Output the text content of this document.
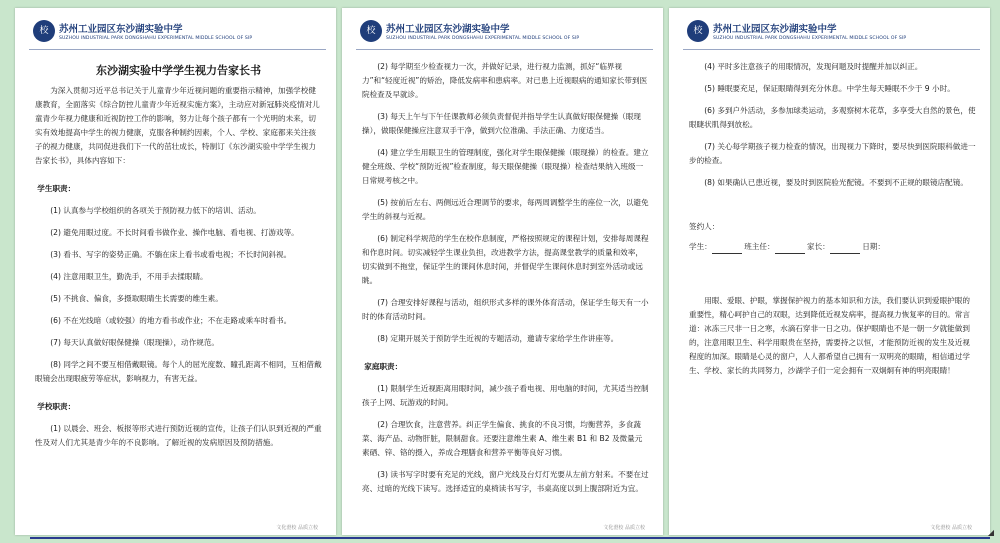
校	苏州工业园区东沙湖实验中学
SUZHOU INDUSTRIAL PARK DONGSHAHU EXPERIMENTAL MIDDLE SCHOOL OF SIP
东沙湖实验中学学生视力告家长书

为深入贯彻习近平总书记关于儿童青少年近视问题的重要指示精神，加强学校健康教育，全面落实《综合防控儿童青少年近视实施方案》，主动应对新冠肺炎疫情对儿童青少年视力健康和近视防控工作的影响，努力让每个孩子都有一个光明的未来，切实有效地提高中学生的视力健康，克服各种制约因素，个人、学校、家庭都来关注孩子的视力健康，共同促进我们下一代的茁壮成长，特制订《东沙湖实验中学学生视力告家长书》，具体内容如下：

学生职责：

(1) 认真参与学校组织的各项关于预防视力低下的培训、活动。

(2) 避免用眼过度。不长时间看书做作业、操作电脑、看电视、打游戏等。

(3) 看书、写字的姿势正确。不躺在床上看书或看电视；不长时间斜视。

(4) 注意用眼卫生，勤洗手，不用手去揉眼睛。

(5) 不挑食、偏食，多摄取眼睛生长需要的维生素。

(6) 不在光线暗（或较强）的地方看书或作业；不在走路或乘车时看书。

(7) 每天认真做好眼保健操（眼现操），动作规范。

(8) 同学之间不要互相借戴眼镜。每个人的屈光度数、瞳孔距离不相同，互相借戴眼镜会出现眼疲劳等症状，影响视力，有害无益。

学校职责：

(1) 以晨会、班会、板报等形式进行预防近视的宣传，让孩子们认识到近视的严重性及对人们尤其是青少年的不良影响。了解近视的发病原因及预防措施。

文化澄校 品质立校
校	苏州工业园区东沙湖实验中学
SUZHOU INDUSTRIAL PARK DONGSHAHU EXPERIMENTAL MIDDLE SCHOOL OF SIP

(2) 每学期至少检查视力一次，并做好记录，进行视力监测，抓好“临界视力”和“轻度近视”的矫治，降低发病率和患病率。对已患上近视眼病的通知家长带到医院检查及早就诊。

(3) 每天上午与下午任课教师必须负责督促并指导学生认真做好眼保健操（眼现操），做眼保健操应注意双手干净，做到穴位准确、手法正确、力度适当。

(4) 建立学生用眼卫生的管理制度，强化对学生眼保健操（眼现操）的检查。建立健全班级、学校“预防近视”检查制度，每天眼保健操（眼现操）检查结果纳入班级一日常规考核之中。

(5) 按前后左右、两侧远近合理调节的要求，每两周调整学生的座位一次，以避免学生的斜视与近视。

(6) 制定科学规范的学生在校作息制度，严格按照规定的课程计划，安排每周课程和作息时间。切实减轻学生课业负担，改进教学方法，提高课堂教学的质量和效率，切实做到不拖堂，保证学生的课间休息时间，并督促学生课间休息时到室外活动或远眺。

(7) 合理安排好课程与活动，组织形式多样的课外体育活动，保证学生每天有一小时的体育活动时间。

(8) 定期开展关于预防学生近视的专题活动，邀请专家给学生作讲座等。

家庭职责：

(1) 限制学生近视距离用眼时间，减少孩子看电视、用电脑的时间，尤其适当控制孩子上网、玩游戏的时间。

(2) 合理饮食，注意营养。纠正学生偏食、挑食的不良习惯，均衡营养，多食蔬菜、海产品、动物肝脏，限制甜食。还要注意维生素 A、维生素 B1 和 B2 及微量元素硒、锌、铬的摄入，养成合理膳食和营养平衡等良好习惯。

(3) 读书写字时要有充足的光线，窗户光线及台灯灯光要从左前方射来。不要在过亮、过暗的光线下读写。选择适宜的桌椅读书写字，书桌高度以到上腹部附近为宜。

文化澄校 品质立校
校	苏州工业园区东沙湖实验中学
SUZHOU INDUSTRIAL PARK DONGSHAHU EXPERIMENTAL MIDDLE SCHOOL OF SIP

(4) 平时多注意孩子的用眼情况，发现问题及时提醒并加以纠正。

(5) 睡眠要充足，保证眼睛得到充分休息。中学生每天睡眠不少于 9 小时。

(6) 多到户外活动，多参加球类运动，多观察树木花草，多享受大自然的景色，使眼睫状肌得到放松。

(7) 关心每学期孩子视力检查的情况，出现视力下降时，要尽快到医院眼科做进一步的检查。

(8) 如果确认已患近视，要及时到医院验光配镜。不要到不正规的眼镜店配镜。

签约人：
学生：	班主任：	家长：	日期：

用眼、爱眼、护眼，掌握保护视力的基本知识和方法，我们要认识到爱眼护眼的重要性，精心呵护自己的双眼，达到降低近视发病率，提高视力恢复率的目的。常言道：冰冻三尺非一日之寒，水滴石穿非一日之功。保护眼睛也不是一朝一夕就能做到的，注意用眼卫生、科学用眼贵在坚持，需要持之以恒，才能预防近视的发生及近视程度的加深。眼睛是心灵的窗户，人人都希望自己拥有一双明亮的眼睛，相信通过学生、学校、家长的共同努力，沙湖学子们一定会拥有一双炯炯有神的明亮眼睛！

文化澄校 品质立校 ◢
